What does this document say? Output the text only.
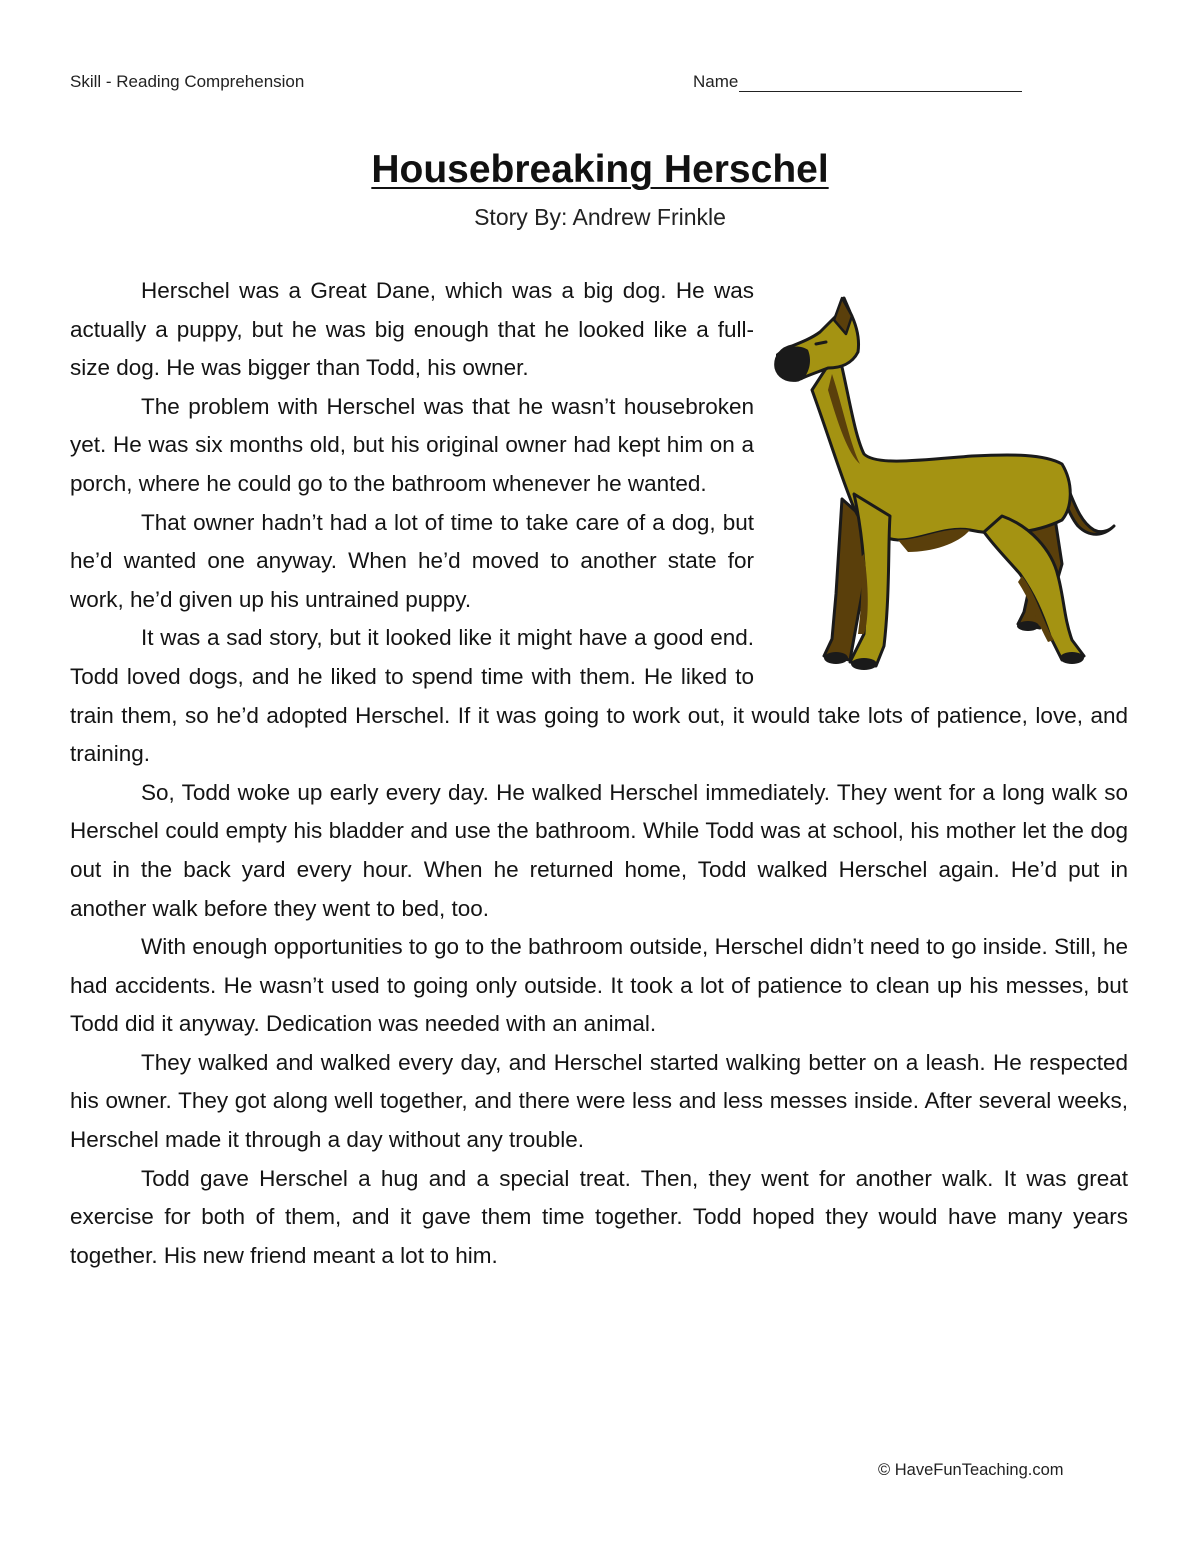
Skill - Reading Comprehension	Name
Housebreaking Herschel
Story By: Andrew Frinkle

Herschel was a Great Dane, which was a big dog. He was actually a puppy, but he was big enough that he looked like a full-size dog. He was bigger than Todd, his owner.

The problem with Herschel was that he wasn’t housebroken yet. He was six months old, but his original owner had kept him on a porch, where he could go to the bathroom whenever he wanted.

That owner hadn’t had a lot of time to take care of a dog, but he’d wanted one anyway. When he’d moved to another state for work, he’d given up his untrained puppy.

It was a sad story, but it looked like it might have a good end. Todd loved dogs, and he liked to spend time with them. He liked to train them, so he’d adopted Herschel. If it was going to work out, it would take lots of patience, love, and training.

So, Todd woke up early every day. He walked Herschel immediately. They went for a long walk so Herschel could empty his bladder and use the bathroom. While Todd was at school, his mother let the dog out in the back yard every hour. When he returned home, Todd walked Herschel again. He’d put in another walk before they went to bed, too.

With enough opportunities to go to the bathroom outside, Herschel didn’t need to go inside. Still, he had accidents. He wasn’t used to going only outside. It took a lot of patience to clean up his messes, but Todd did it anyway. Dedication was needed with an animal.

They walked and walked every day, and Herschel started walking better on a leash. He respected his owner. They got along well together, and there were less and less messes inside. After several weeks, Herschel made it through a day without any trouble.

Todd gave Herschel a hug and a special treat. Then, they went for another walk. It was great exercise for both of them, and it gave them time together. Todd hoped they would have many years together. His new friend meant a lot to him.

© HaveFunTeaching.com
